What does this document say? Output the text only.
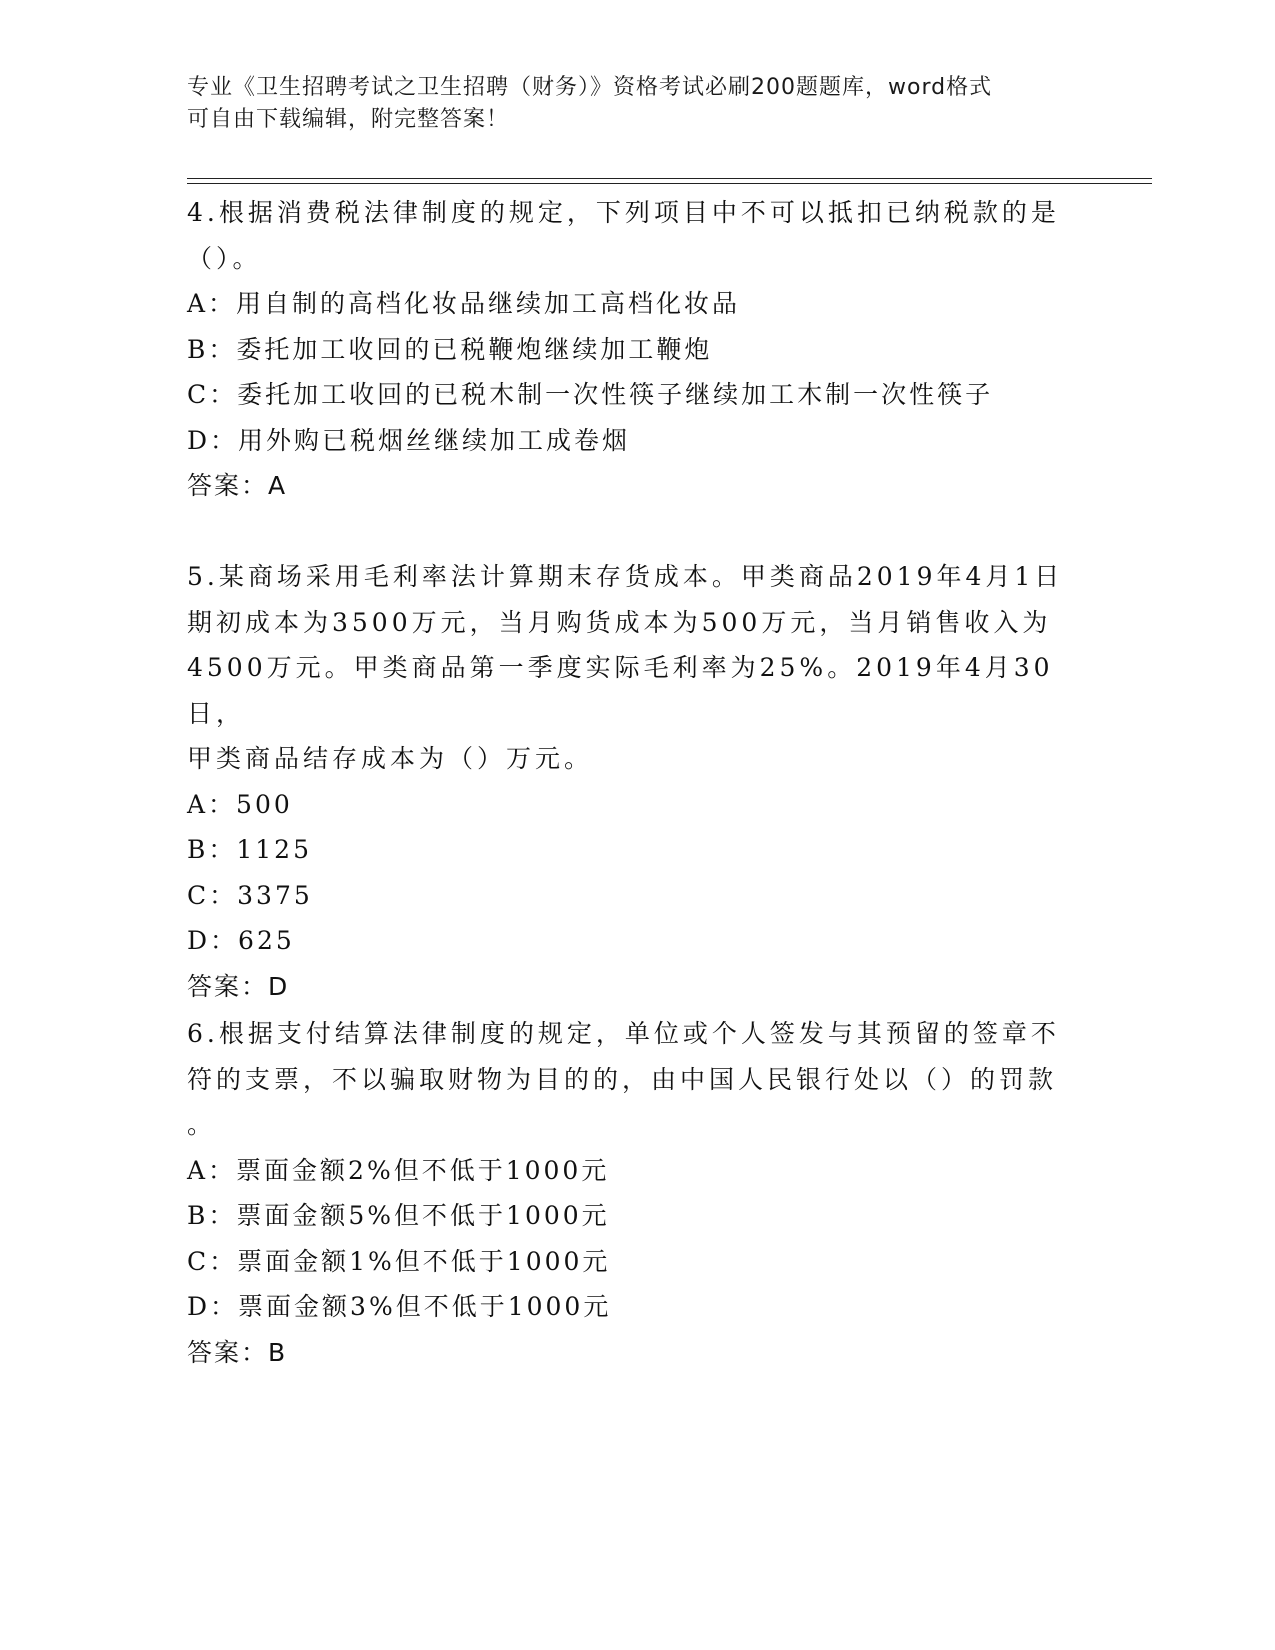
专业《卫生招聘考试之卫生招聘（财务）》资格考试必刷200题题库，word格式
可自由下载编辑，附完整答案！

4.根据消费税法律制度的规定，下列项目中不可以抵扣已纳税款的是

（）。

A：用自制的高档化妆品继续加工高档化妆品

B：委托加工收回的已税鞭炮继续加工鞭炮

C：委托加工收回的已税木制一次性筷子继续加工木制一次性筷子

D：用外购已税烟丝继续加工成卷烟

答案：A

5.某商场采用毛利率法计算期末存货成本。甲类商品2019年4月1日

期初成本为3500万元，当月购货成本为500万元，当月销售收入为

4500万元。甲类商品第一季度实际毛利率为25%。2019年4月30日，

甲类商品结存成本为（）万元。

A：500

B：1125

C：3375

D：625

答案：D

6.根据支付结算法律制度的规定，单位或个人签发与其预留的签章不

符的支票，不以骗取财物为目的的，由中国人民银行处以（）的罚款

。

A：票面金额2%但不低于1000元

B：票面金额5%但不低于1000元

C：票面金额1%但不低于1000元

D：票面金额3%但不低于1000元

答案：B
